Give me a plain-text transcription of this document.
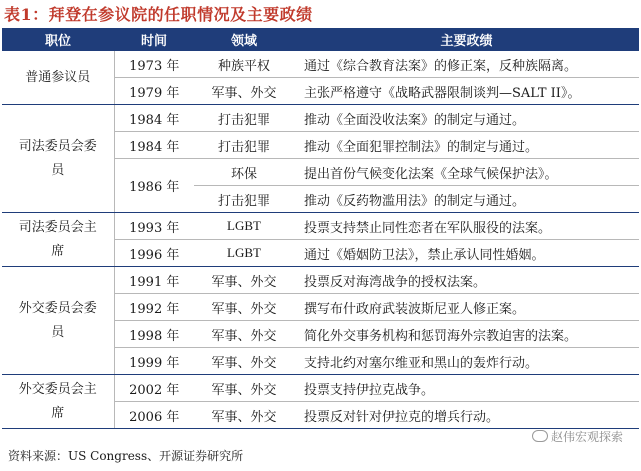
表1：拜登在参议院的任职情况及主要政绩
职位	时间	领域	主要政绩
普通参议员	1973 年	种族平权	通过《综合教育法案》的修正案，反种族隔离。
	1979 年	军事、外交	主张严格遵守《战略武器限制谈判—SALT II》。
司法委员会委员	1984 年	打击犯罪	推动《全面没收法案》的制定与通过。
	1984 年	打击犯罪	推动《全面犯罪控制法》的制定与通过。
	1986 年	环保	提出首份气候变化法案《全球气候保护法》。
		打击犯罪	推动《反药物滥用法》的制定与通过。
司法委员会主席	1993 年	LGBT	投票支持禁止同性恋者在军队服役的法案。
	1996 年	LGBT	通过《婚姻防卫法》，禁止承认同性婚姻。
外交委员会委员	1991 年	军事、外交	投票反对海湾战争的授权法案。
	1992 年	军事、外交	撰写布什政府武装波斯尼亚人修正案。
	1998 年	军事、外交	简化外交事务机构和惩罚海外宗教迫害的法案。
	1999 年	军事、外交	支持北约对塞尔维亚和黑山的轰炸行动。
外交委员会主席	2002 年	军事、外交	投票支持伊拉克战争。
	2006 年	军事、外交	投票反对针对伊拉克的增兵行动。
赵伟宏观探索
资料来源：US Congress、开源证券研究所
